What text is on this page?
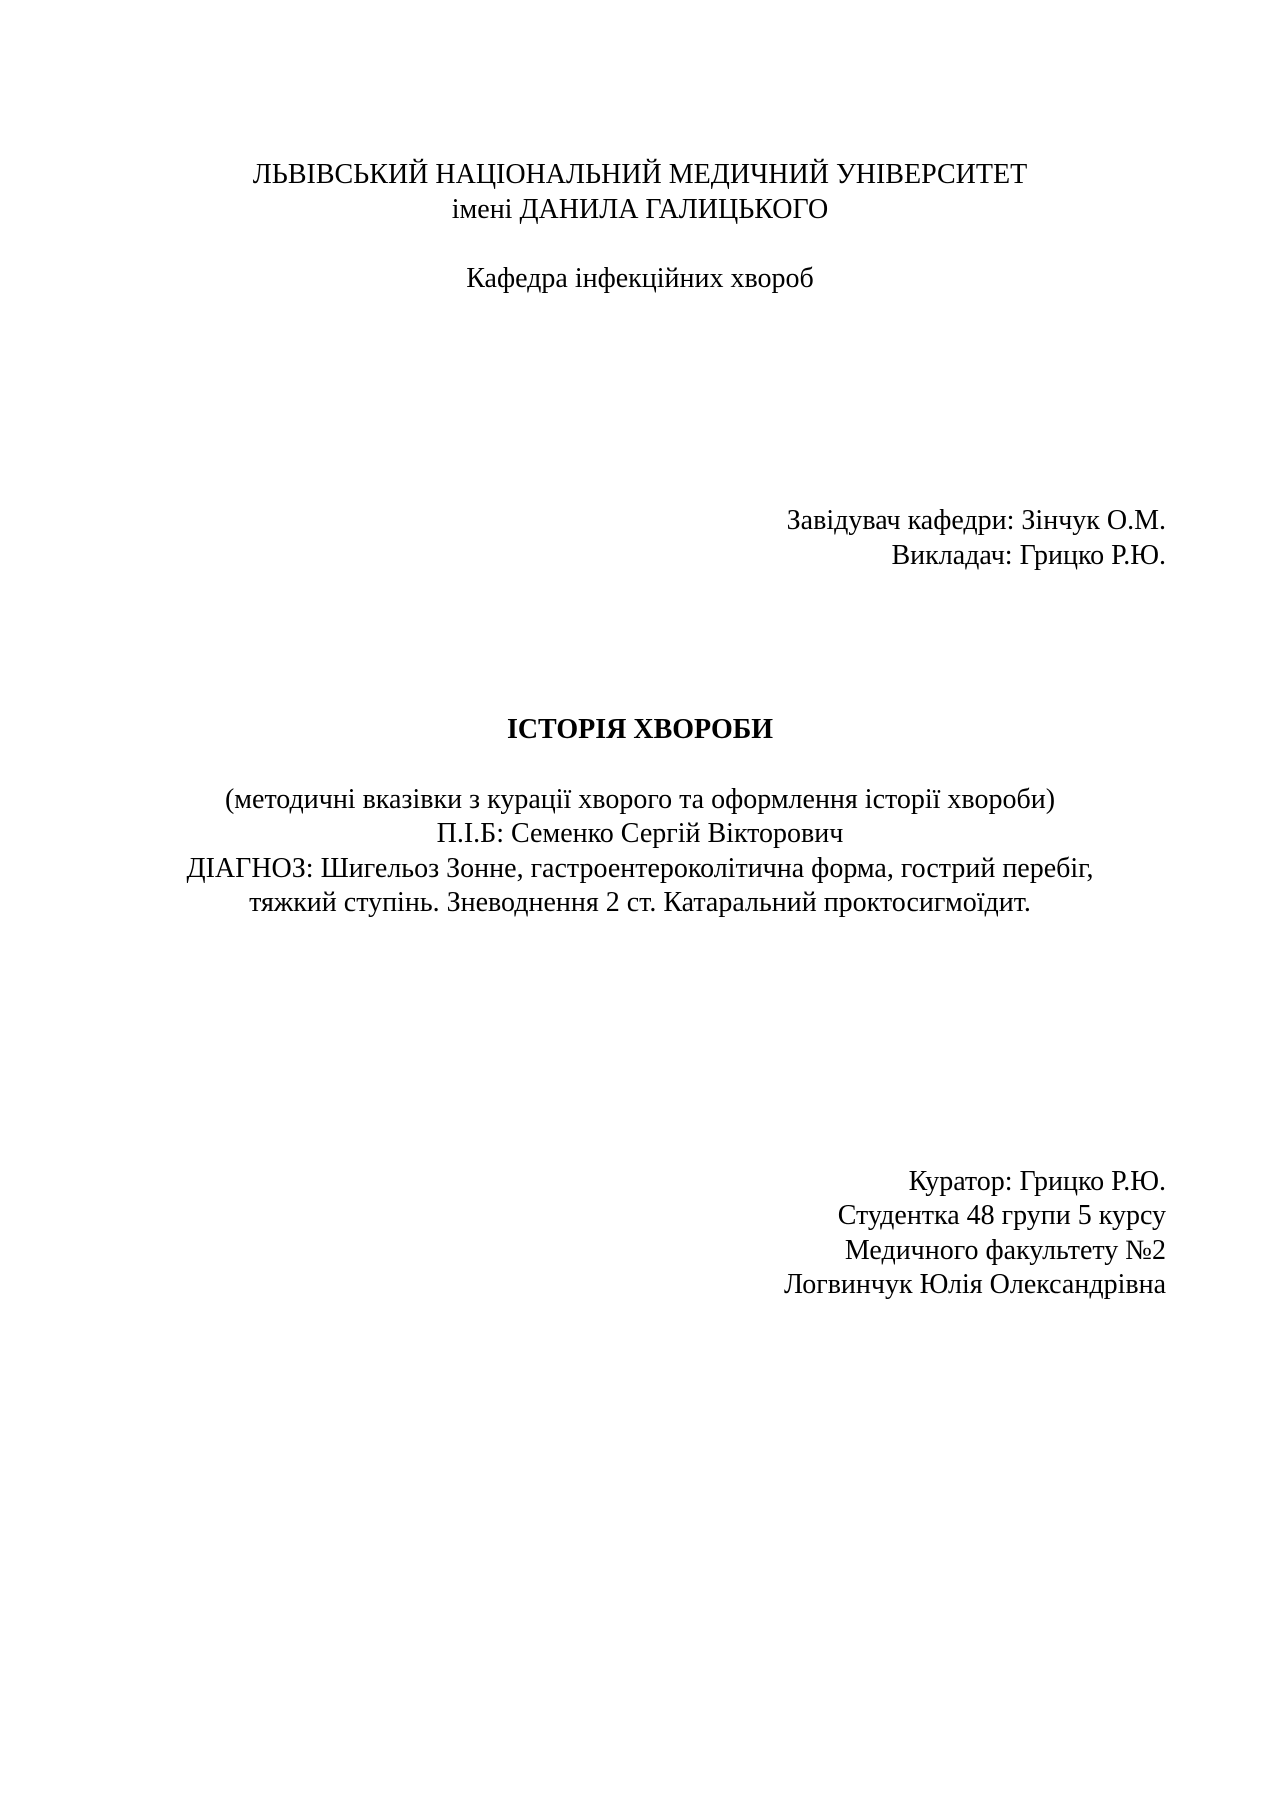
ЛЬВІВСЬКИЙ НАЦІОНАЛЬНИЙ МЕДИЧНИЙ УНІВЕРСИТЕТ
імені ДАНИЛА ГАЛИЦЬКОГО
Кафедра інфекційних хвороб
Завідувач кафедри: Зінчук О.М.
Викладач: Грицко Р.Ю.
ІСТОРІЯ ХВОРОБИ
(методичні вказівки з курації хворого та оформлення історії хвороби)
П.І.Б: Семенко Сергій Вікторович
ДІАГНОЗ: Шигельоз Зонне, гастроентероколітична форма, гострий перебіг,
тяжкий ступінь. Зневоднення 2 ст. Катаральний проктосигмоїдит.
Куратор: Грицко Р.Ю.
Студентка 48 групи 5 курсу
Медичного факультету №2
Логвинчук Юлія Олександрівна
